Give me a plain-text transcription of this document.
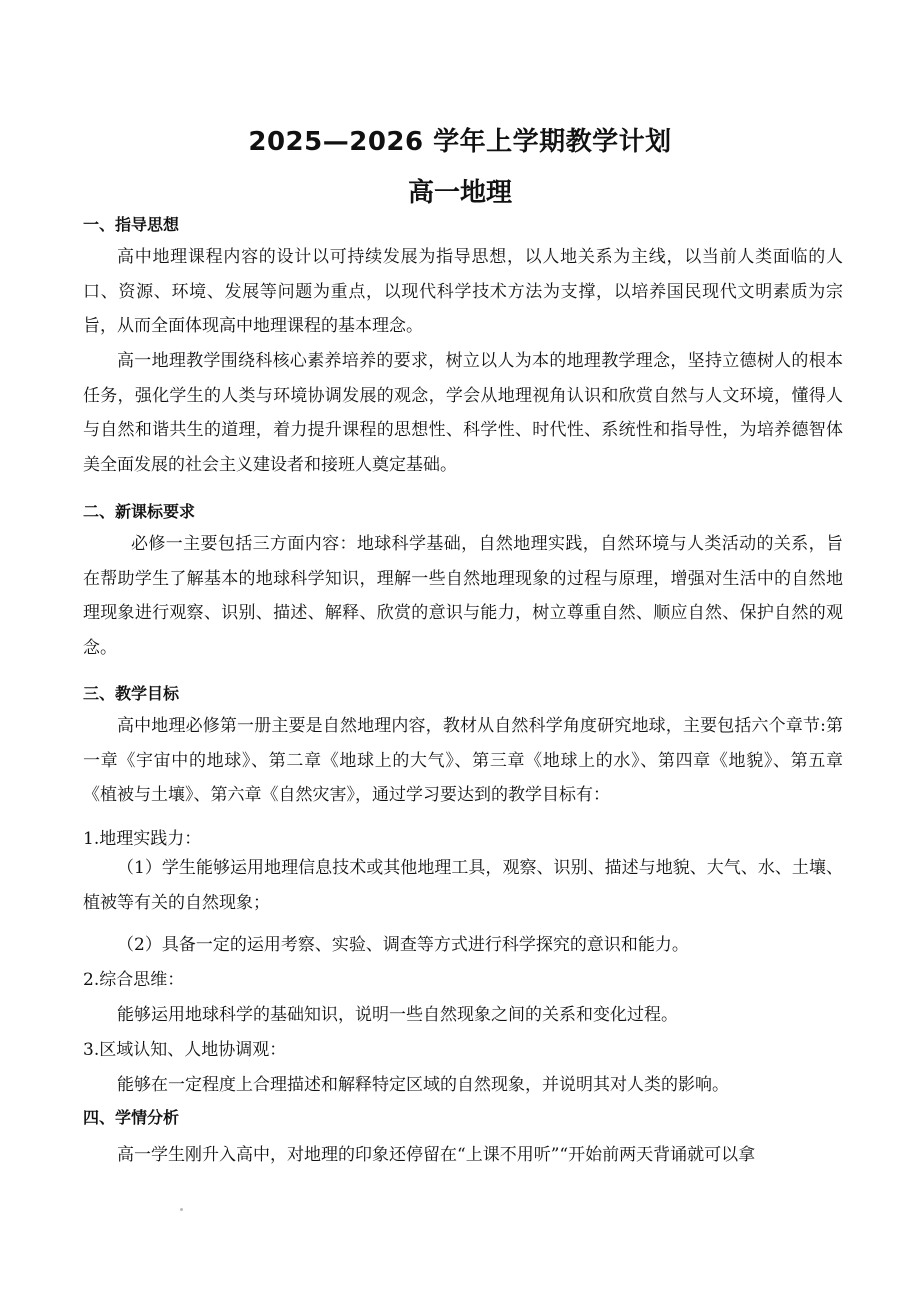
2025—2026 学年上学期教学计划
高一地理
一、指导思想
高中地理课程内容的设计以可持续发展为指导思想，以人地关系为主线，以当前人类面临的人口、资源、环境、发展等问题为重点，以现代科学技术方法为支撑，以培养国民现代文明素质为宗旨，从而全面体现高中地理课程的基本理念。
高一地理教学围绕科核心素养培养的要求，树立以人为本的地理教学理念，坚持立德树人的根本任务，强化学生的人类与环境协调发展的观念，学会从地理视角认识和欣赏自然与人文环境，懂得人与自然和谐共生的道理，着力提升课程的思想性、科学性、时代性、系统性和指导性，为培养德智体美全面发展的社会主义建设者和接班人奠定基础。
二、新课标要求
必修一主要包括三方面内容：地球科学基础，自然地理实践，自然环境与人类活动的关系，旨在帮助学生了解基本的地球科学知识，理解一些自然地理现象的过程与原理，增强对生活中的自然地理现象进行观察、识别、描述、解释、欣赏的意识与能力，树立尊重自然、顺应自然、保护自然的观念。
三、教学目标
高中地理必修第一册主要是自然地理内容，教材从自然科学角度研究地球，主要包括六个章节:第一章《宇宙中的地球》、第二章《地球上的大气》、第三章《地球上的水》、第四章《地貌》、第五章《植被与土壤》、第六章《自然灾害》，通过学习要达到的教学目标有：
1.地理实践力：
（1）学生能够运用地理信息技术或其他地理工具，观察、识别、描述与地貌、大气、水、土壤、植被等有关的自然现象；
（2）具备一定的运用考察、实验、调查等方式进行科学探究的意识和能力。
2.综合思维：
能够运用地球科学的基础知识，说明一些自然现象之间的关系和变化过程。
3.区域认知、人地协调观：
能够在一定程度上合理描述和解释特定区域的自然现象，并说明其对人类的影响。
四、学情分析
高一学生刚升入高中，对地理的印象还停留在“上课不用听”“开始前两天背诵就可以拿
